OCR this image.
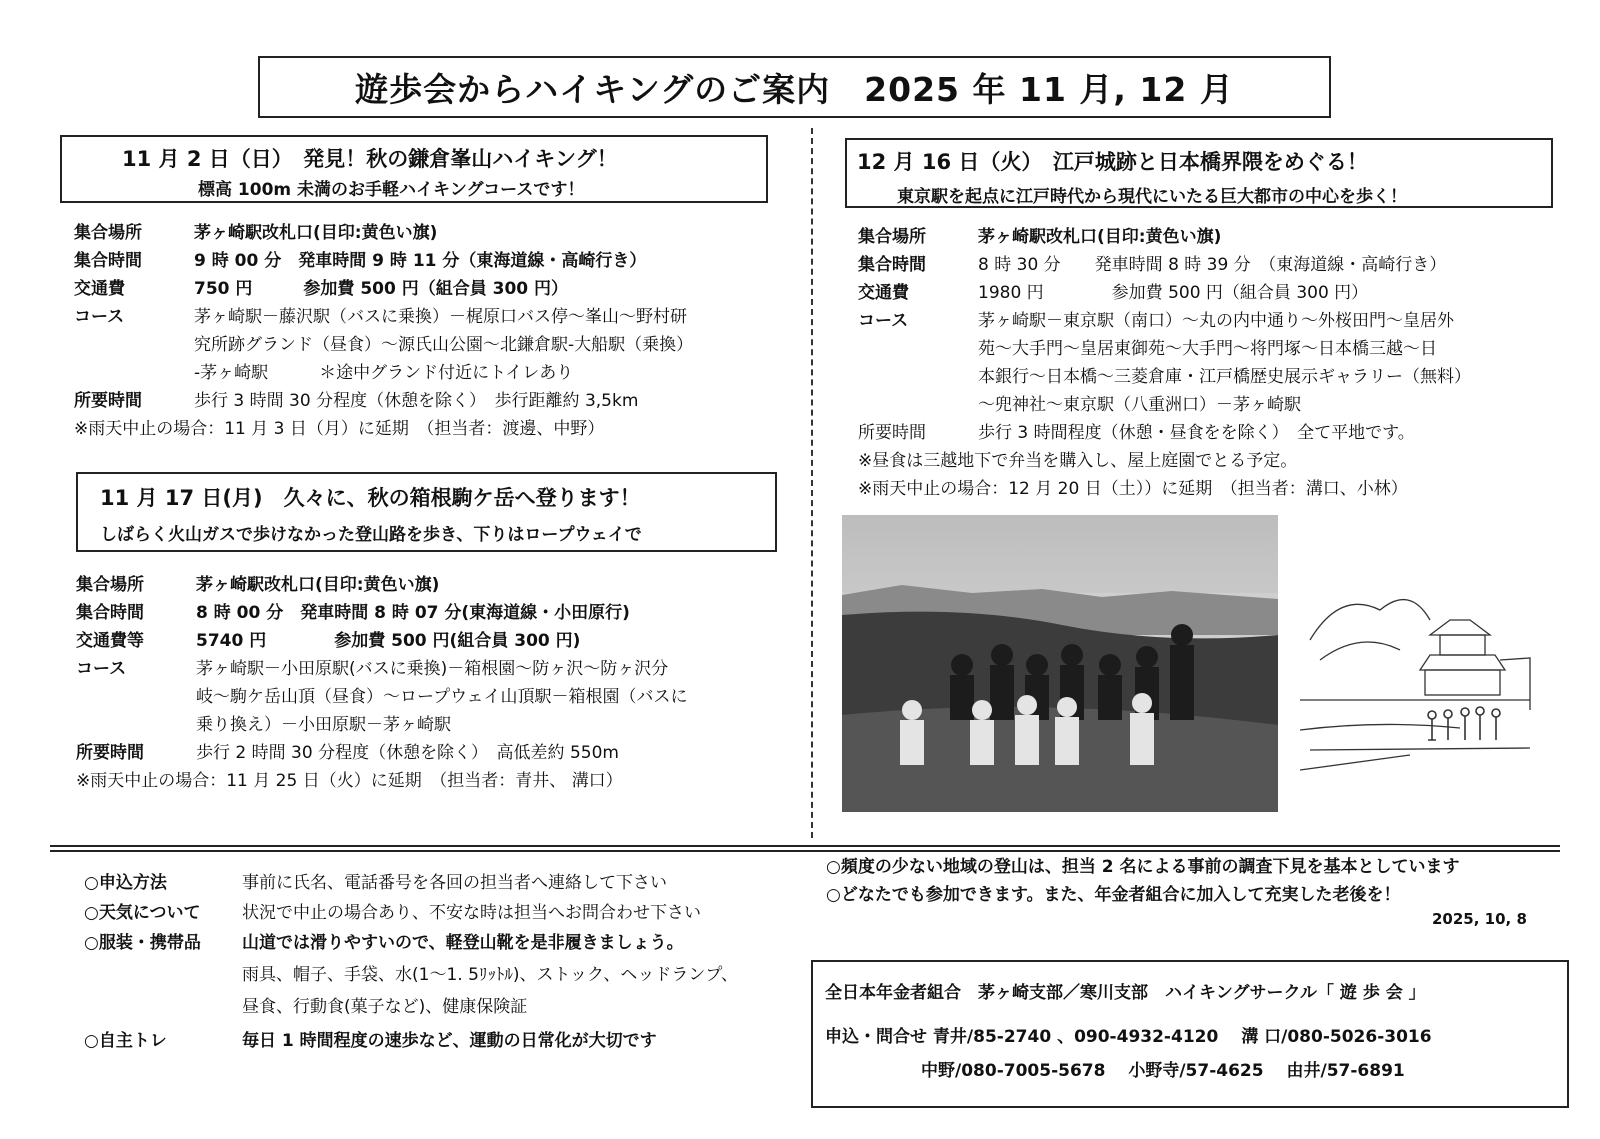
遊歩会からハイキングのご案内　2025 年 11 月, 12 月
11 月 2 日（日）　発見！秋の鎌倉峯山ハイキング！
標高 100m 未満のお手軽ハイキングコースです！
集合場所	茅ヶ崎駅改札口(目印:黄色い旗)
集合時間	9 時 00 分　発車時間 9 時 11 分（東海道線・高崎行き）
交通費	750 円　　　参加費 500 円（組合員 300 円）
コース	茅ヶ崎駅－藤沢駅（バスに乗換）－梶原口バス停～峯山～野村研
究所跡グランド（昼食）～源氏山公園～北鎌倉駅-大船駅（乗換）
-茅ヶ崎駅　　　＊途中グランド付近にトイレあり
所要時間	歩行 3 時間 30 分程度（休憩を除く）　歩行距離約 3,5km
※雨天中止の場合：11 月 3 日（月）に延期　（担当者：渡邊、中野）
11 月 17 日(月)　久々に、秋の箱根駒ケ岳へ登ります！
しばらく火山ガスで歩けなかった登山路を歩き、下りはロープウェイで
集合場所	茅ヶ崎駅改札口(目印:黄色い旗)
集合時間	8 時 00 分　発車時間 8 時 07 分(東海道線・小田原行)
交通費等	5740 円　　　　参加費 500 円(組合員 300 円)
コース	茅ヶ崎駅－小田原駅(バスに乗換)－箱根園～防ヶ沢～防ヶ沢分
岐～駒ケ岳山頂（昼食）～ロープウェイ山頂駅－箱根園（バスに
乗り換え）－小田原駅－茅ヶ崎駅
所要時間	歩行 2 時間 30 分程度（休憩を除く）　高低差約 550m
※雨天中止の場合：11 月 25 日（火）に延期　（担当者：青井、 溝口）
12 月 16 日（火）　江戸城跡と日本橋界隈をめぐる！
東京駅を起点に江戸時代から現代にいたる巨大都市の中心を歩く！
集合場所	茅ヶ崎駅改札口(目印:黄色い旗)
集合時間	8 時 30 分　　発車時間 8 時 39 分　（東海道線・高崎行き）
交通費	1980 円　　　　参加費 500 円（組合員 300 円）
コース	茅ヶ崎駅－東京駅（南口）～丸の内中通り～外桜田門～皇居外
苑～大手門～皇居東御苑～大手門～将門塚～日本橋三越～日
本銀行～日本橋～三菱倉庫・江戸橋歴史展示ギャラリー（無料）
～兜神社～東京駅（八重洲口）－茅ヶ崎駅
所要時間	歩行 3 時間程度（休憩・昼食をを除く）　全て平地です。
※昼食は三越地下で弁当を購入し、屋上庭園でとる予定。
※雨天中止の場合：12 月 20 日（土））に延期　（担当者：溝口、小林）
○申込方法	事前に氏名、電話番号を各回の担当者へ連絡して下さい
○天気について 状況で中止の場合あり、不安な時は担当へお問合わせ下さい
○服装・携帯品 山道では滑りやすいので、軽登山靴を是非履きましょう。
雨具、帽子、手袋、水(1～1. 5ﾘｯﾄﾙ)、ストック、ヘッドランプ、
昼食、行動食(菓子など)、健康保険証
○自主トレ	毎日 1 時間程度の速歩など、運動の日常化が大切です
○頻度の少ない地域の登山は、担当 2 名による事前の調査下見を基本としています
○どなたでも参加できます。また、年金者組合に加入して充実した老後を！
2025, 10, 8
全日本年金者組合　茅ヶ崎支部／寒川支部　ハイキングサークル「 遊 歩 会 」
申込・問合せ 青井/85-2740 、090-4932-4120　 溝 口/080-5026-3016
中野/080-7005-5678　 小野寺/57-4625　 由井/57-6891
